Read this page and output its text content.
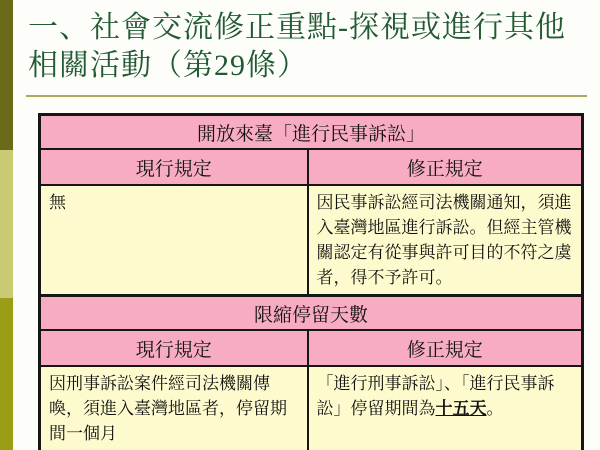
一、社會交流修正重點-探視或進行其他相關活動（第29條）
開放來臺「進行民事訴訟」	
現行規定	修正規定
無	因民事訴訟經司法機關通知，須進入臺灣地區進行訴訟。但經主管機關認定有從事與許可目的不符之虞者，得不予許可。
限縮停留天數	
現行規定	修正規定
因刑事訴訟案件經司法機關傳喚，須進入臺灣地區者，停留期間一個月	「進行刑事訴訟」、「進行民事訴訟」停留期間為十五天。
